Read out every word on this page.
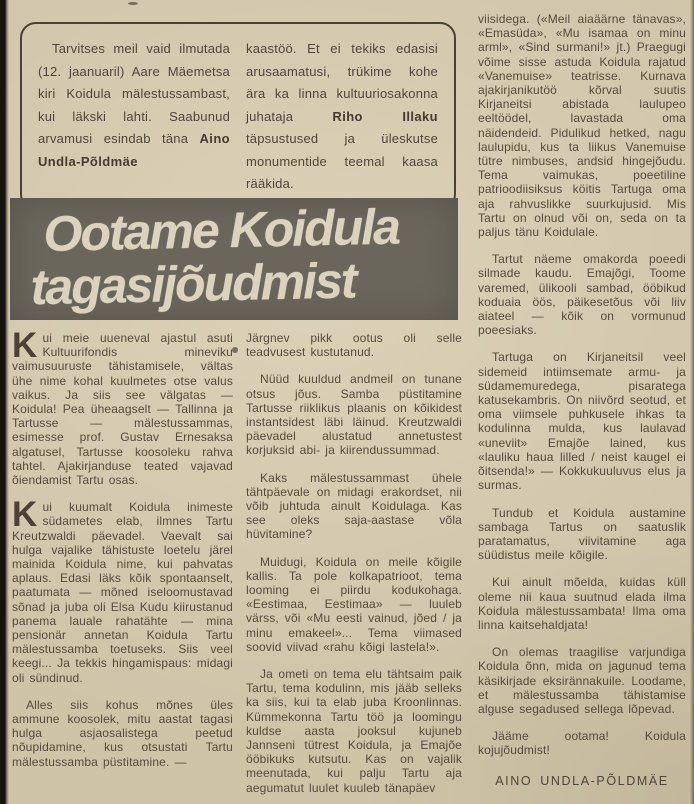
Tarvitses meil vaid ilmutada (12. jaanuaril) Aare Mäemetsa kiri Koidula mälestussambast, kui läkski lahti. Saabunud arvamusi esindab täna Aino Undla-Põldmäe
kaastöö. Et ei tekiks edasisi arusaamatusi, trükime kohe ära ka linna kultuuriosakonna juhataja Riho Illaku täpsustused ja üleskutse monumentide teemal kaasa rääkida.
Ootame Koidula
tagasijõudmist

Kui meie uueneval ajastul asuti Kultuurifondis mineviku vaimusuuruste tähistamisele, vältas ühe nime kohal kuulmetes otse valus vaikus. Ja siis see välgatas — Koidula! Pea üheaagselt — Tallinna ja Tartusse — mälestussammas, esimesse prof. Gustav Ernesaksa algatusel, Tartusse koosoleku rahva tahtel. Ajakirjanduse teated vajavad õiendamist Tartu osas.

Kui kuumalt Koidula inimeste südametes elab, ilmnes Tartu Kreutzwaldi päevadel. Vaevalt sai hulga vajalike tähistuste loetelu järel mainida Koidula nime, kui pahvatas aplaus. Edasi läks kõik spontaanselt, paatumata — mõned iseloomustavad sõnad ja juba oli Elsa Kudu kiirustanud panema lauale rahatähte — mina pensionär annetan Koidula Tartu mälestussamba toetuseks. Siis veel keegi... Ja tekkis hingamispaus: midagi oli sündinud.

Alles siis kohus mõnes üles ammune koosolek, mitu aastat tagasi hulga asjaosalistega peetud nõupidamine, kus otsustati Tartu mälestussamba püstitamine. —

Järgnev pikk ootus oli selle teadvusest kustutanud.

Nüüd kuuldud andmeil on tunane otsus jõus. Samba püstitamine Tartusse riiklikus plaanis on kõikidest instantsidest läbi läinud. Kreutzwaldi päevadel alustatud annetustest korjuksid abi- ja kiirendussummad.

Kaks mälestussammast ühele tähtpäevale on midagi erakordset, nii võib juhtuda ainult Koidulaga. Kas see oleks saja-aastase võla hüvitamine?

Muidugi, Koidula on meile kõigile kallis. Ta pole kolkapatrioot, tema looming ei piirdu kodukohaga. «Eestimaa, Eestimaa» — luuleb värss, või «Mu eesti vainud, jõed / ja minu emakeel»... Tema viimased soovid viivad «rahu kõigi lastela!».

Ja ometi on tema elu tähtsaim paik Tartu, tema kodulinn, mis jääb selleks ka siis, kui ta elab juba Kroonlinnas. Kümmekonna Tartu töö ja loomingu kuldse aasta jooksul kujuneb Jannseni tütrest Koidula, ja Emajõe ööbikuks kutsutu. Kas on vajalik meenutada, kui palju Tartu aja aegumatut luulet kuuleb tänapäev

viisidega. («Meil aiaäärne tänavas», «Emasüda», «Mu isamaa on minu arml», «Sind surmani!» jt.) Praegugi võime sisse astuda Koidula rajatud «Vanemuise» teatrisse. Kurnava ajakirjanikutöö kõrval suutis Kirjaneitsi abistada laulupeo eeltöödel, lavastada oma näidendeid. Pidulikud hetked, nagu laulupidu, kus ta liikus Vanemuise tütre nimbuses, andsid hingejõudu. Tema vaimukas, poeetiline patrioodiisiksus köitis Tartuga oma aja rahvuslikke suurkujusid. Mis Tartu on olnud või on, seda on ta paljus tänu Koidulale.

Tartut näeme omakorda poeedi silmade kaudu. Emajõgi, Toome varemed, ülikooli sambad, ööbikud koduaia öös, päikesetõus või liiv aiateel — kõik on vormunud poeesiaks.

Tartuga on Kirjaneitsil veel sidemeid intiimsemate armu- ja südamemuredega, pisaratega katusekambris. On niivõrd seotud, et oma viimsele puhkusele ihkas ta kodulinna mulda, kus laulavad «uneviit» Emajõe lained, kus «lauliku haua lilled / neist kaugel ei õitsenda!» — Kokkukuuluvus elus ja surmas.

Tundub et Koidula austamine sambaga Tartus on saatuslik paratamatus, viivitamine aga süüdistus meile kõigile.

Kui ainult mõelda, kuidas küll oleme nii kaua suutnud elada ilma Koidula mälestussambata! Ilma oma linna kaitsehaldjata!

On olemas traagilise varjundiga Koidula õnn, mida on jagunud tema käsikirjade eksirännakuile. Loodame, et mälestussamba tähistamise alguse segadused sellega lõpevad.

Jääme ootama! Koidula kojujõudmist!

AINO UNDLA-PÕLDMÄE
